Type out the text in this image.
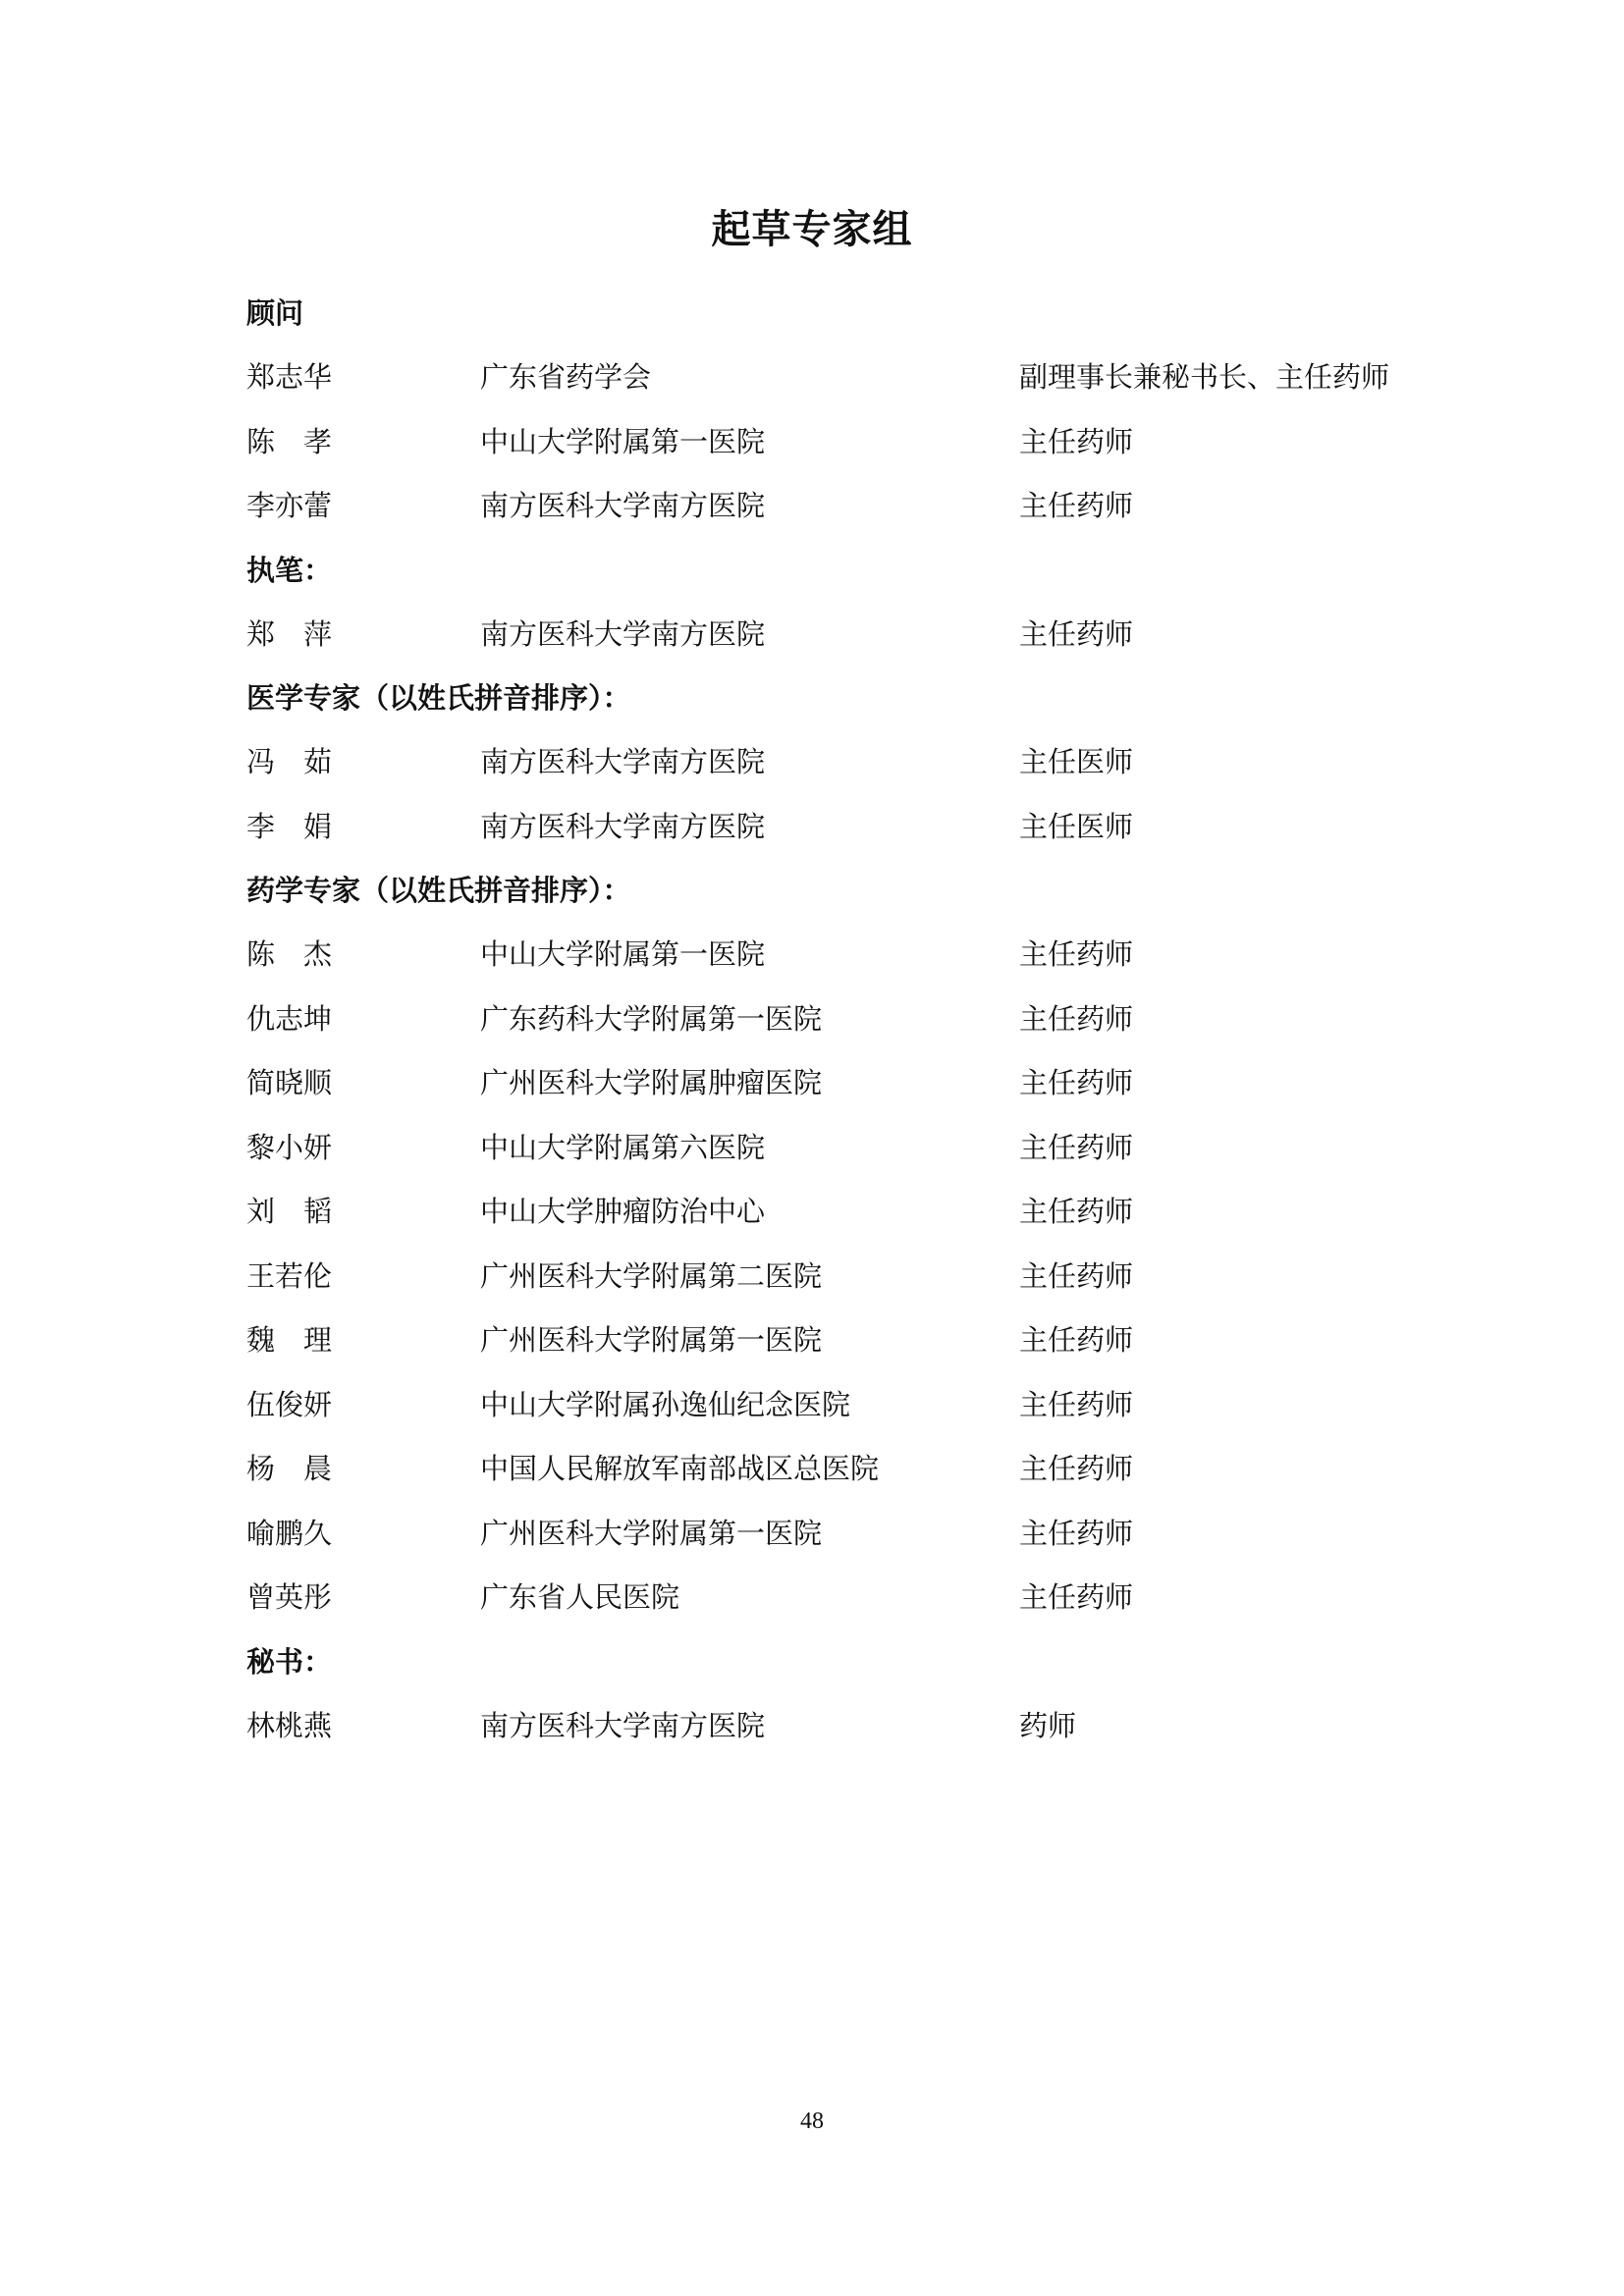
起草专家组
顾问
郑志华	广东省药学会	副理事长兼秘书长、主任药师
陈　孝	中山大学附属第一医院	主任药师
李亦蕾	南方医科大学南方医院	主任药师
执笔：
郑　萍	南方医科大学南方医院	主任药师
医学专家（以姓氏拼音排序）：
冯　茹	南方医科大学南方医院	主任医师
李　娟	南方医科大学南方医院	主任医师
药学专家（以姓氏拼音排序）：
陈　杰	中山大学附属第一医院	主任药师
仇志坤	广东药科大学附属第一医院	主任药师
简晓顺	广州医科大学附属肿瘤医院	主任药师
黎小妍	中山大学附属第六医院	主任药师
刘　韬	中山大学肿瘤防治中心	主任药师
王若伦	广州医科大学附属第二医院	主任药师
魏　理	广州医科大学附属第一医院	主任药师
伍俊妍	中山大学附属孙逸仙纪念医院	主任药师
杨　晨	中国人民解放军南部战区总医院	主任药师
喻鹏久	广州医科大学附属第一医院	主任药师
曾英彤	广东省人民医院	主任药师
秘书：
林桃燕	南方医科大学南方医院	药师
48
